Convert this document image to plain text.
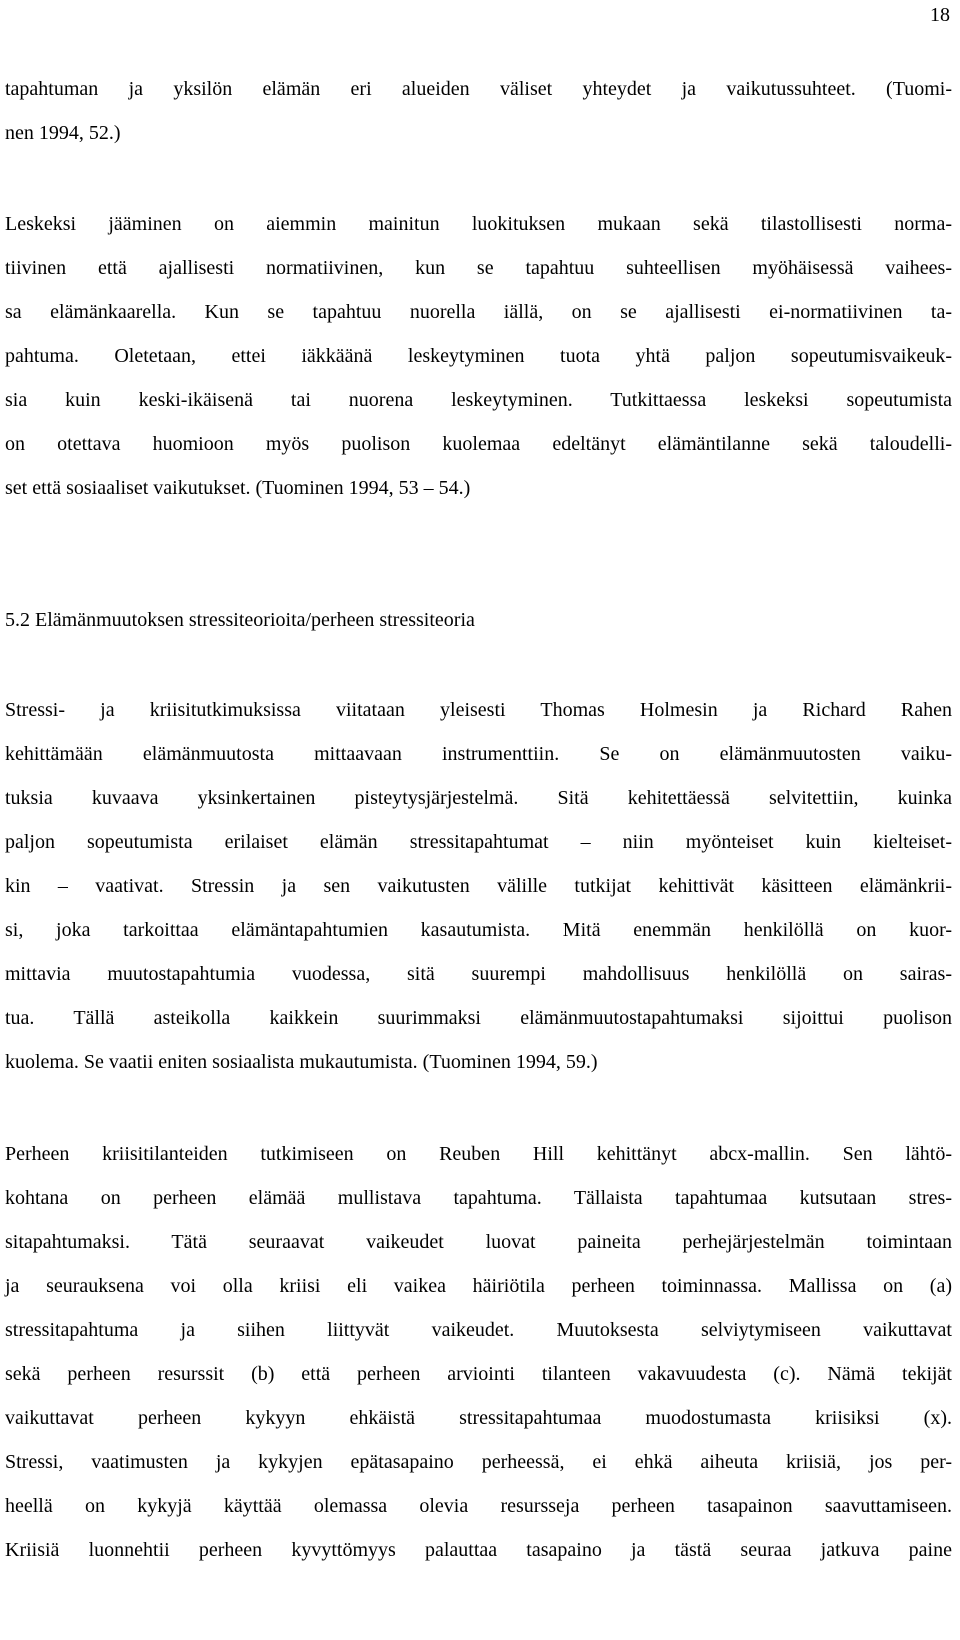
18
tapahtuman ja yksilön elämän eri alueiden väliset yhteydet ja vaikutussuhteet. (Tuomi-
nen 1994, 52.)
Leskeksi jääminen on aiemmin mainitun luokituksen mukaan sekä tilastollisesti norma-
tiivinen että ajallisesti normatiivinen, kun se tapahtuu suhteellisen myöhäisessä vaihees-
sa elämänkaarella. Kun se tapahtuu nuorella iällä, on se ajallisesti ei-normatiivinen ta-
pahtuma. Oletetaan, ettei iäkkäänä leskeytyminen tuota yhtä paljon sopeutumisvaikeuk-
sia kuin keski-ikäisenä tai nuorena leskeytyminen. Tutkittaessa leskeksi sopeutumista
on otettava huomioon myös puolison kuolemaa edeltänyt elämäntilanne sekä taloudelli-
set että sosiaaliset vaikutukset. (Tuominen 1994, 53 – 54.)
5.2 Elämänmuutoksen stressiteorioita/perheen stressiteoria
Stressi- ja kriisitutkimuksissa viitataan yleisesti Thomas Holmesin ja Richard Rahen
kehittämään elämänmuutosta mittaavaan instrumenttiin. Se on elämänmuutosten vaiku-
tuksia kuvaava yksinkertainen pisteytysjärjestelmä. Sitä kehitettäessä selvitettiin, kuinka
paljon sopeutumista erilaiset elämän stressitapahtumat – niin myönteiset kuin kielteiset-
kin – vaativat. Stressin ja sen vaikutusten välille tutkijat kehittivät käsitteen elämänkrii-
si, joka tarkoittaa elämäntapahtumien kasautumista. Mitä enemmän henkilöllä on kuor-
mittavia muutostapahtumia vuodessa, sitä suurempi mahdollisuus henkilöllä on sairas-
tua. Tällä asteikolla kaikkein suurimmaksi elämänmuutostapahtumaksi sijoittui puolison
kuolema. Se vaatii eniten sosiaalista mukautumista. (Tuominen 1994, 59.)
Perheen kriisitilanteiden tutkimiseen on Reuben Hill kehittänyt abcx-mallin. Sen lähtö-
kohtana on perheen elämää mullistava tapahtuma. Tällaista tapahtumaa kutsutaan stres-
sitapahtumaksi. Tätä seuraavat vaikeudet luovat paineita perhejärjestelmän toimintaan
ja seurauksena voi olla kriisi eli vaikea häiriötila perheen toiminnassa. Mallissa on (a)
stressitapahtuma ja siihen liittyvät vaikeudet. Muutoksesta selviytymiseen vaikuttavat
sekä perheen resurssit (b) että perheen arviointi tilanteen vakavuudesta (c). Nämä tekijät
vaikuttavat perheen kykyyn ehkäistä stressitapahtumaa muodostumasta kriisiksi (x).
Stressi, vaatimusten ja kykyjen epätasapaino perheessä, ei ehkä aiheuta kriisiä, jos per-
heellä on kykyjä käyttää olemassa olevia resursseja perheen tasapainon saavuttamiseen.
Kriisiä luonnehtii perheen kyvyttömyys palauttaa tasapaino ja tästä seuraa jatkuva paine
